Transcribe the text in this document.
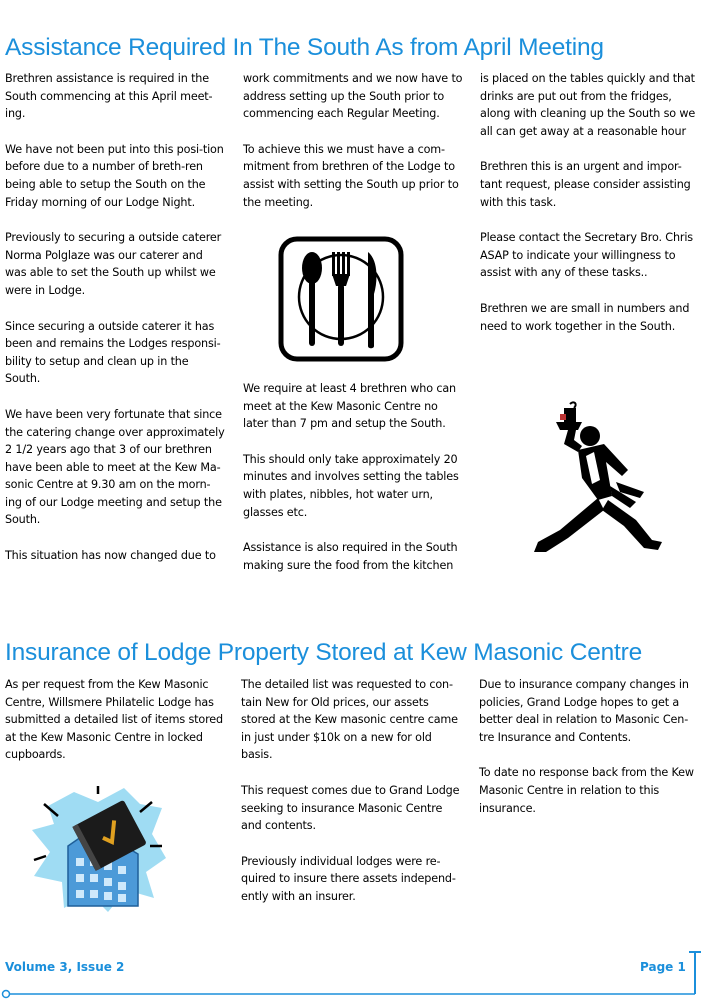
Assistance Required In The South As from April Meeting

Brethren assistance is required in the South commencing at this April meet-ing.

We have not been put into this posi-tion before due to a number of breth-ren being able to setup the South on the Friday morning of our Lodge Night.

Previously to securing a outside caterer Norma Polglaze was our caterer and was able to set the South up whilst we were in Lodge.

Since securing a outside caterer it has been and remains the Lodges responsi-bility to setup and clean up in the South.

We have been very fortunate that since the catering change over approximately 2 1/2 years ago that 3 of our brethren have been able to meet at the Kew Ma-sonic Centre at 9.30 am on the morn-ing of our Lodge meeting and setup the South.

This situation has now changed due to

work commitments and we now have to address setting up the South prior to commencing each Regular Meeting.

To achieve this we must have a com-mitment from brethren of the Lodge to assist with setting the South up prior to the meeting.

We require at least 4 brethren who can meet at the Kew Masonic Centre no later than 7 pm and setup the South.

This should only take approximately 20 minutes and involves setting the tables with plates, nibbles, hot water urn, glasses etc.

Assistance is also required in the South making sure the food from the kitchen

is placed on the tables quickly and that drinks are put out from the fridges, along with cleaning up the South so we all can get away at a reasonable hour

Brethren this is an urgent and impor-tant request, please consider assisting with this task.

Please contact the Secretary Bro. Chris ASAP to indicate your willingness to assist with any of these tasks..

Brethren we are small in numbers and need to work together in the South.

Insurance of Lodge Property Stored at Kew Masonic Centre

As per request from the Kew Masonic Centre, Willsmere Philatelic Lodge has submitted a detailed list of items stored at the Kew Masonic Centre in locked cupboards.

The detailed list was requested to con-tain New for Old prices, our assets stored at the Kew masonic centre came in just under $10k on a new for old basis.

This request comes due to Grand Lodge seeking to insurance Masonic Centre and contents.

Previously individual lodges were re-quired to insure there assets independ-ently with an insurer.

Due to insurance company changes in policies, Grand Lodge hopes to get a better deal in relation to Masonic Cen-tre Insurance and Contents.

To date no response back from the Kew Masonic Centre in relation to this insurance.

Volume 3, Issue 2	Page 1
